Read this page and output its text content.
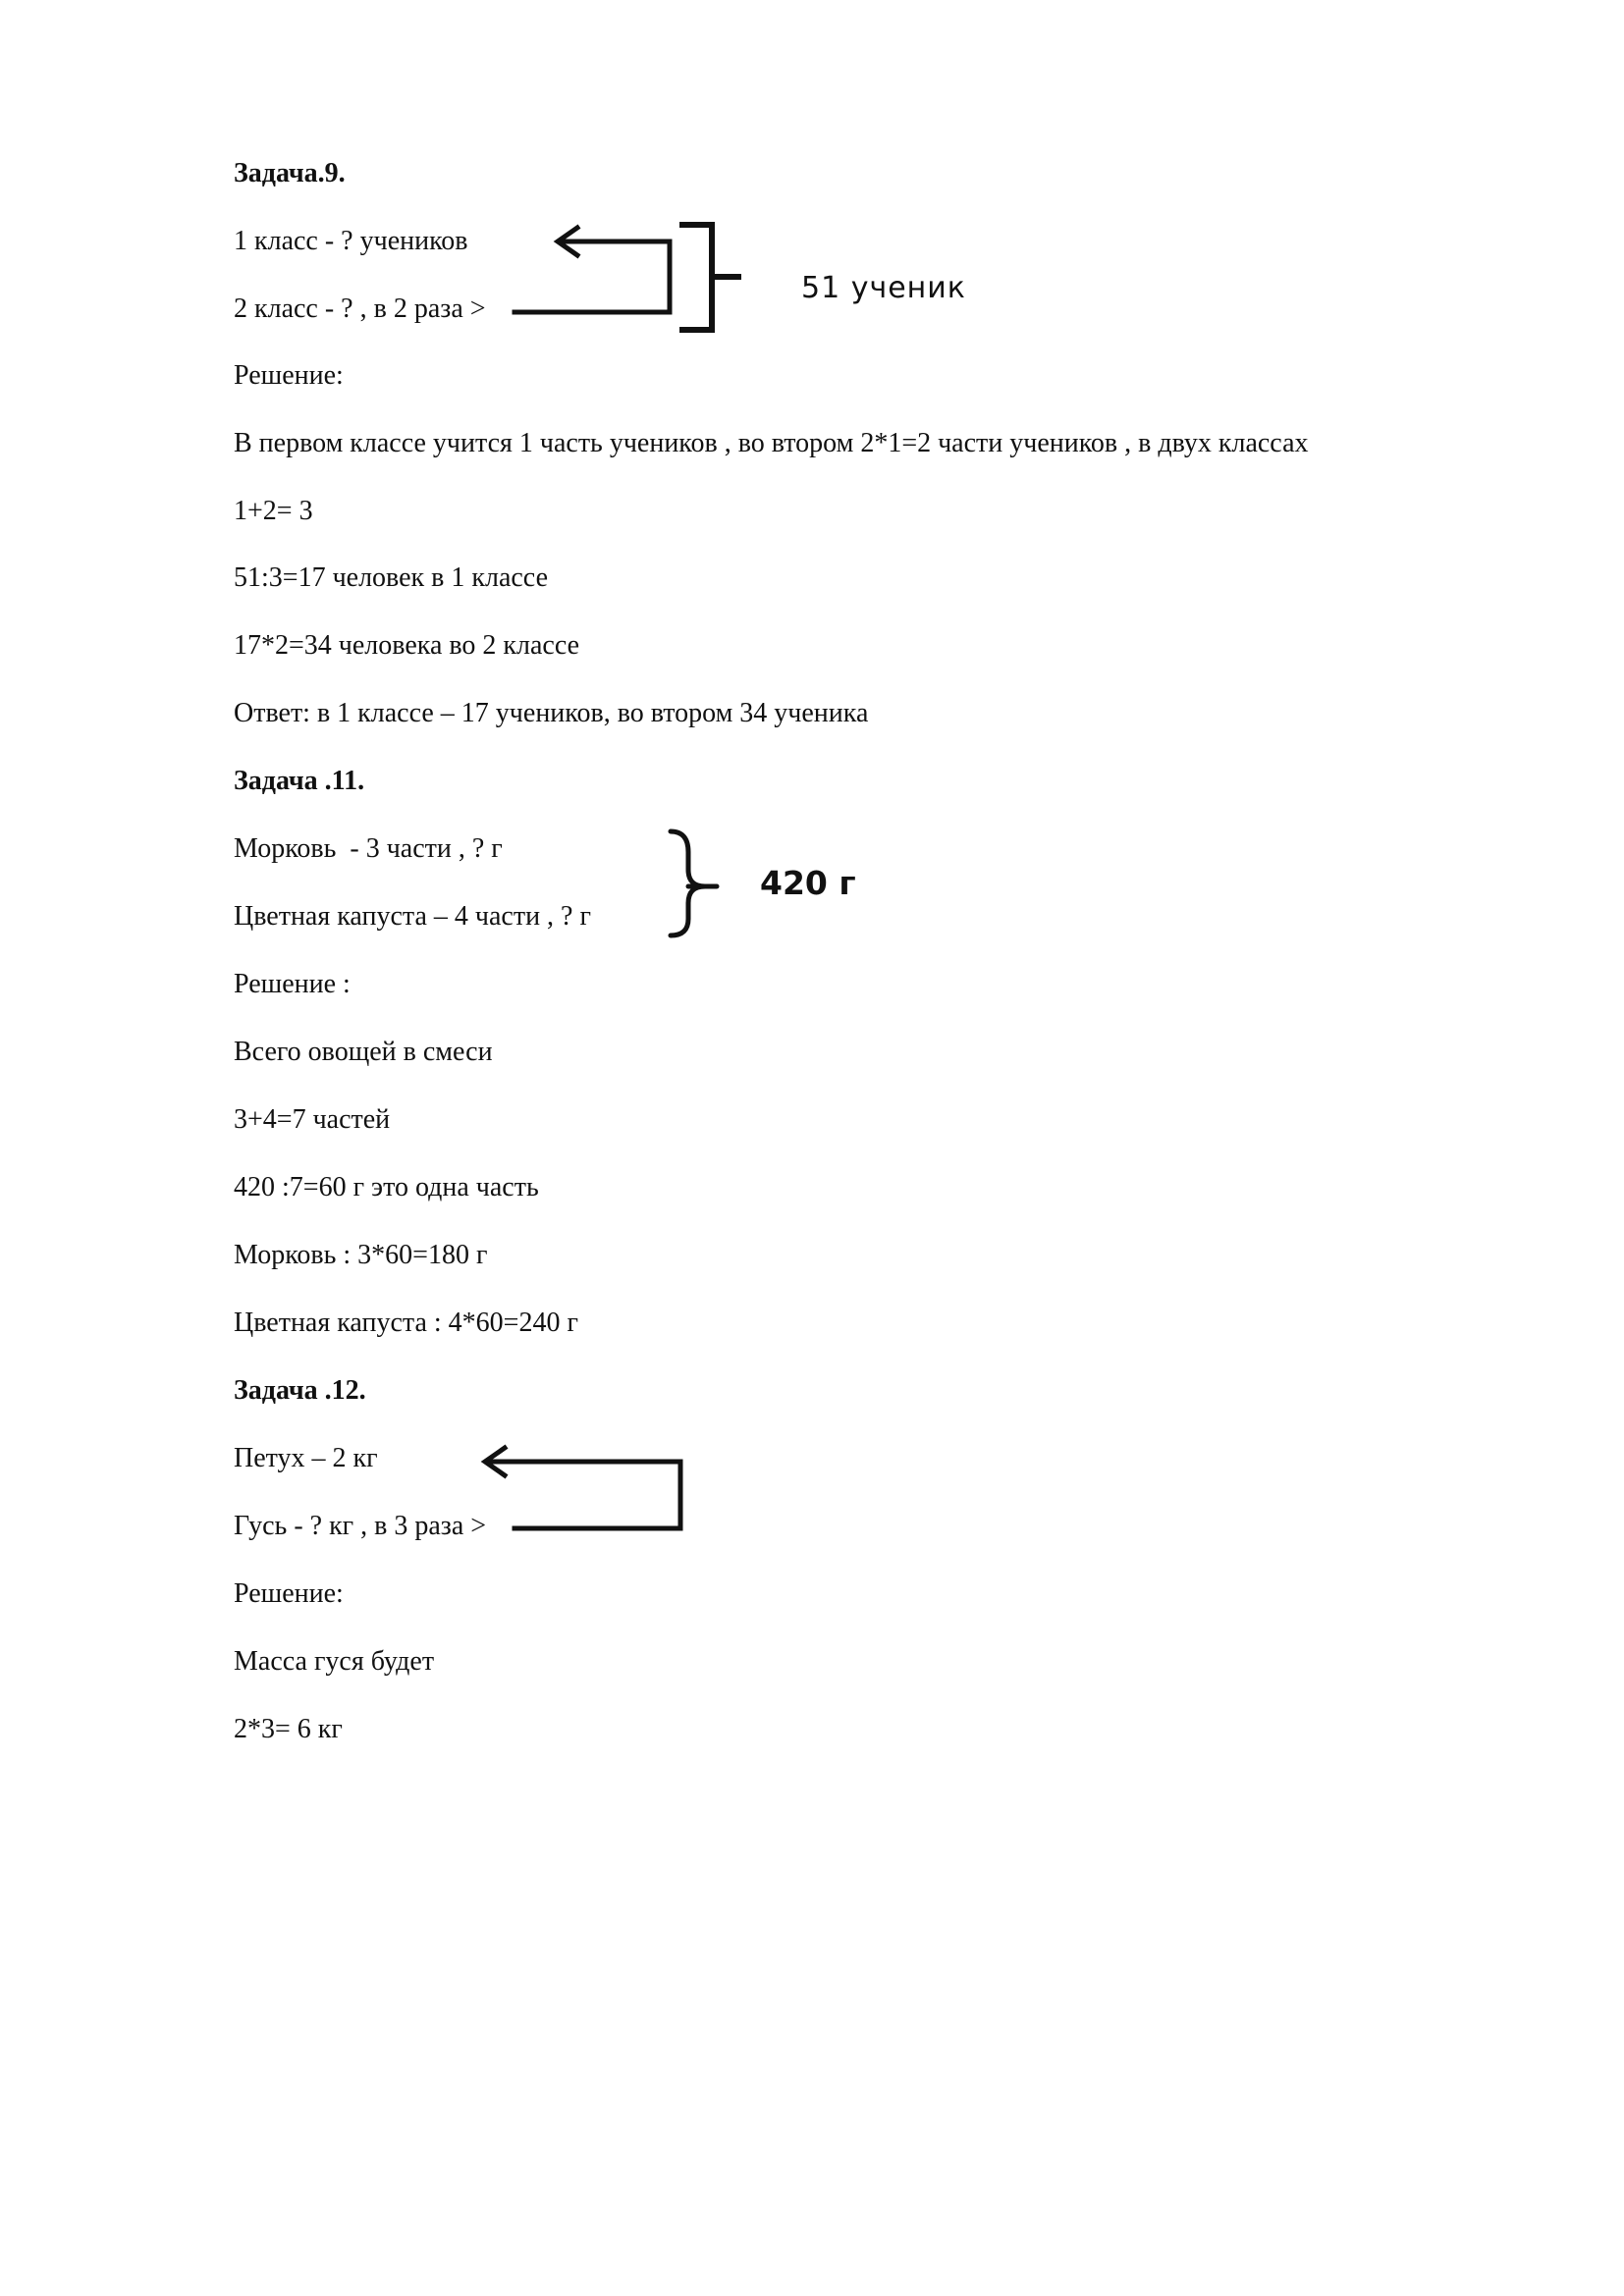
Задача.9.
1 класс - ? учеников
2 класс - ? , в 2 раза >
51 ученик
Решение:
В первом классе учится 1 часть учеников , во втором 2*1=2 части учеников , в двух классах
1+2= 3
51:3=17 человек в 1 классе
17*2=34 человека во 2 классе
Ответ: в 1 классе – 17 учеников, во втором 34 ученика
Задача .11.
Морковь  - 3 части , ? г
Цветная капуста – 4 части , ? г
420 г
Решение :
Всего овощей в смеси
3+4=7 частей
420 :7=60 г это одна часть
Морковь : 3*60=180 г
Цветная капуста : 4*60=240 г
Задача .12.
Петух – 2 кг
Гусь - ? кг , в 3 раза >
Решение:
Масса гуся будет
2*3= 6 кг
